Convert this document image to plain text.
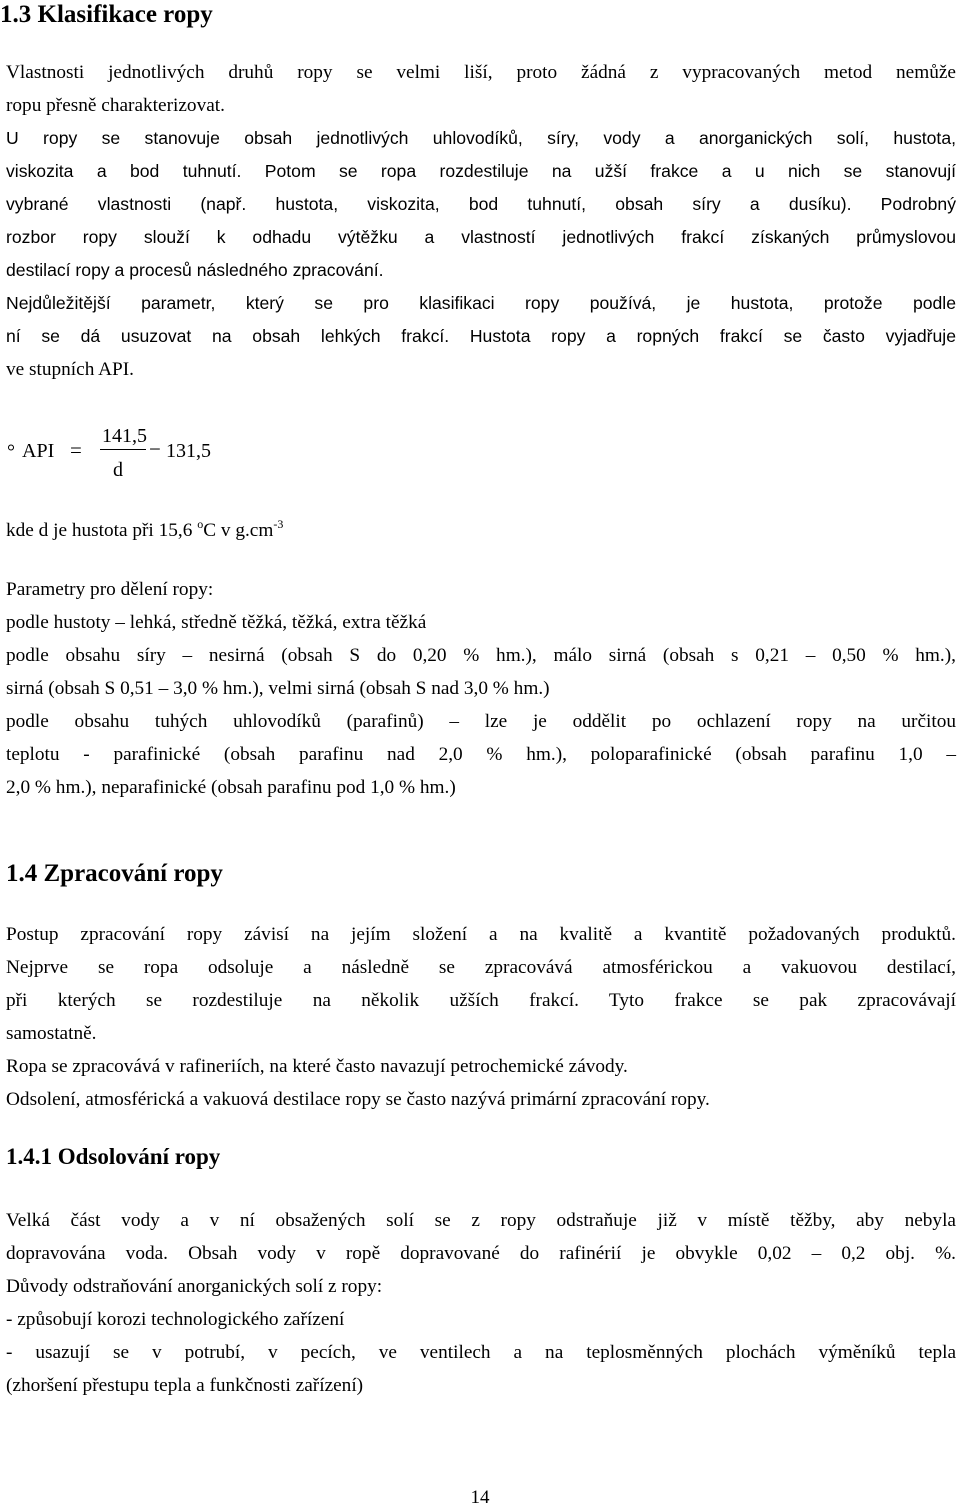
1.3 Klasifikace ropy
Vlastnosti jednotlivých druhů ropy se velmi liší, proto žádná z vypracovaných metod nemůže
ropu přesně charakterizovat.
U ropy se stanovuje obsah jednotlivých uhlovodíků, síry, vody a anorganických solí, hustota,
viskozita a bod tuhnutí. Potom se ropa rozdestiluje na užší frakce a u nich se stanovují
vybrané vlastnosti (např. hustota, viskozita, bod tuhnutí, obsah síry a dusíku). Podrobný
rozbor ropy slouží k odhadu výtěžku a vlastností jednotlivých frakcí získaných průmyslovou
destilací ropy a procesů následného zpracování.
Nejdůležitější parametr, který se pro klasifikaci ropy používá, je hustota, protože podle
ní se dá usuzovat na obsah lehkých frakcí. Hustota ropy a ropných frakcí se často vyjadřuje
ve stupních API.
° API =
141,5
d
− 131,5
kde d je hustota při 15,6 $^o$C v $g.cm^{-3}$
Parametry pro dělení ropy:
podle hustoty – lehká, středně těžká, těžká, extra těžká
podle obsahu síry – nesirná (obsah S do 0,20 % hm.), málo sirná (obsah s 0,21 – 0,50 % hm.),
sirná (obsah S 0,51 – 3,0 % hm.), velmi sirná (obsah S nad 3,0 % hm.)
podle obsahu tuhých uhlovodíků (parafinů) – lze je oddělit po ochlazení ropy na určitou
teplotu - parafinické (obsah parafinu nad 2,0 % hm.), poloparafinické (obsah parafinu 1,0 –
2,0 % hm.), neparafinické (obsah parafinu pod 1,0 % hm.)
1.4 Zpracování ropy
Postup zpracování ropy závisí na jejím složení a na kvalitě a kvantitě požadovaných produktů.
Nejprve se ropa odsoluje a následně se zpracovává atmosférickou a vakuovou destilací,
při kterých se rozdestiluje na několik užších frakcí. Tyto frakce se pak zpracovávají
samostatně.
Ropa se zpracovává v rafineriích, na které často navazují petrochemické závody.
Odsolení, atmosférická a vakuová destilace ropy se často nazývá primární zpracování ropy.
1.4.1 Odsolování ropy
Velká část vody a v ní obsažených solí se z ropy odstraňuje již v místě těžby, aby nebyla
dopravována voda. Obsah vody v ropě dopravované do rafinérií je obvykle 0,02 – 0,2 obj. %.
Důvody odstraňování anorganických solí z ropy:
- způsobují korozi technologického zařízení
- usazují se v potrubí, v pecích, ve ventilech a na teplosměnných plochách výměníků tepla
(zhoršení přestupu tepla a funkčnosti zařízení)
14
